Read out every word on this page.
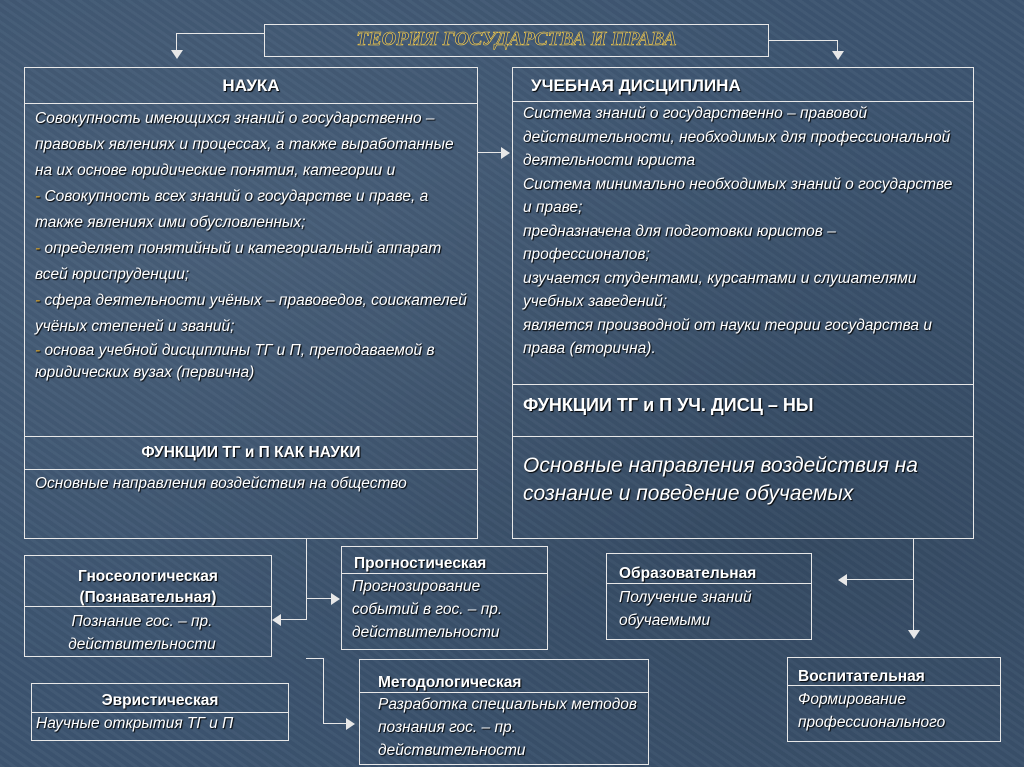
ТЕОРИЯ ГОСУДАРСТВА И ПРАВА
НАУКА

Совокупность имеющихся знаний о государственно – правовых явлениях и процессах, а также выработанные на их основе юридические понятия, категории и

- Совокупность всех знаний о государстве и праве, а также явлениях ими обусловленных;

- определяет понятийный и категориальный аппарат всей юриспруденции;

- сфера деятельности учёных – правоведов, соискателей учёных степеней и званий;

- основа учебной дисциплины ТГ и П, преподаваемой в юридических вузах (первична)

ФУНКЦИИ ТГ и П КАК НАУКИ
Основные направления воздействия на общество
УЧЕБНАЯ ДИСЦИПЛИНА

Система знаний о государственно – правовой действительности, необходимых для профессиональной деятельности юриста

Система минимально необходимых знаний о государстве и праве;

предназначена для подготовки юристов – профессионалов;

изучается студентами, курсантами и слушателями учебных заведений;

является производной от науки теории государства и права (вторична).

ФУНКЦИИ ТГ и П УЧ. ДИСЦ – НЫ
Основные направления воздействия на сознание и поведение обучаемых
Гносеологическая (Познавательная)
Познание гос. – пр. действительности
Прогностическая
Прогнозирование событий в гос. – пр. действительности
Эвристическая
Научные открытия ТГ и П
Методологическая
Разработка специальных методов познания гос. – пр. действительности
Образовательная
Получение знаний обучаемыми
Воспитательная
Формирование профессионального
